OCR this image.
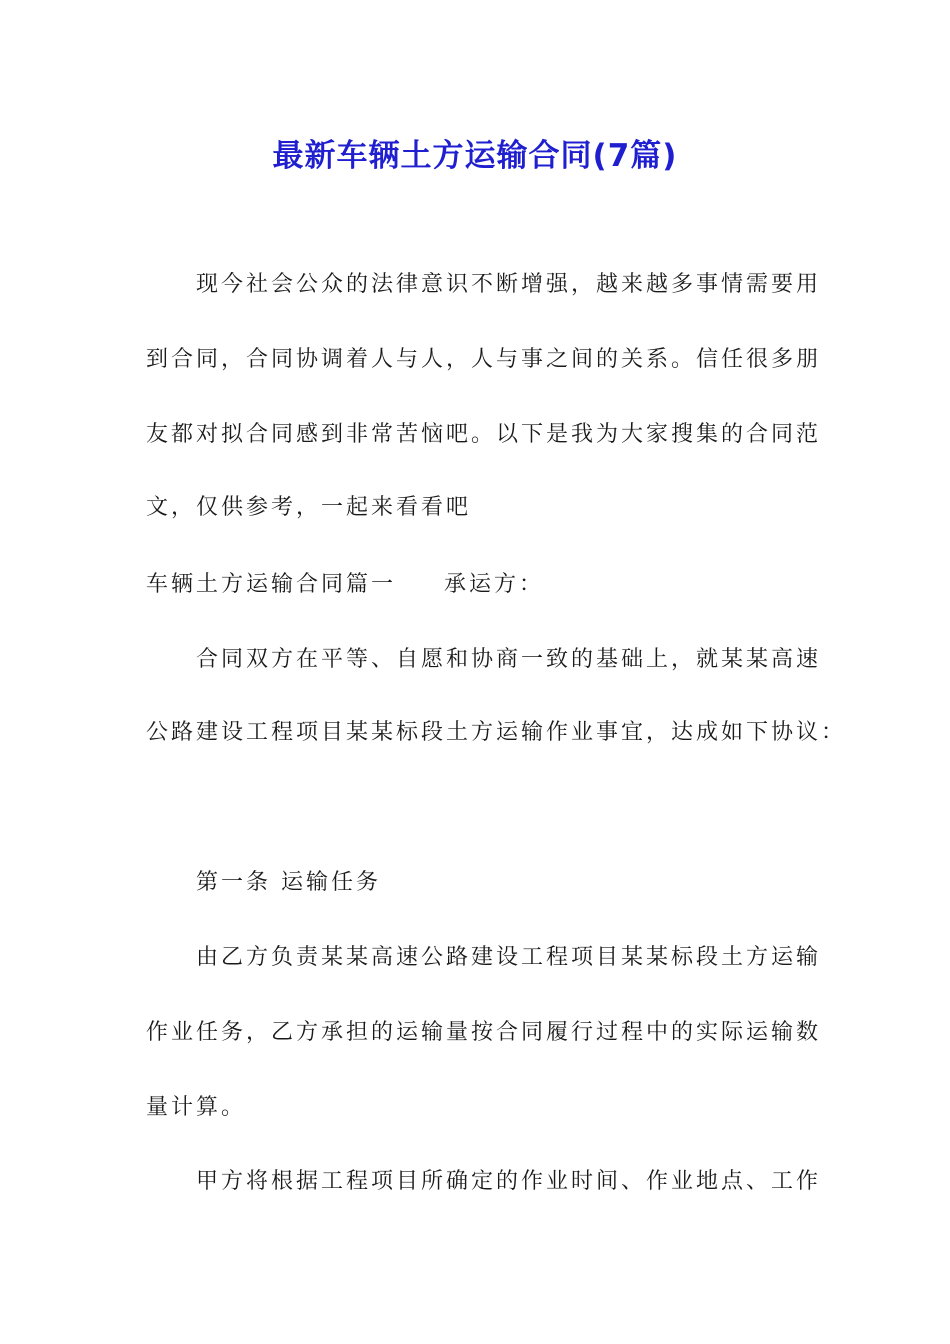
最新车辆土方运输合同(7篇)
现今社会公众的法律意识不断增强，越来越多事情需要用
到合同，合同协调着人与人，人与事之间的关系。信任很多朋
友都对拟合同感到非常苦恼吧。以下是我为大家搜集的合同范
文，仅供参考，一起来看看吧
车辆土方运输合同篇一 承运方：
合同双方在平等、自愿和协商一致的基础上，就某某高速
公路建设工程项目某某标段土方运输作业事宜，达成如下协议：
第一条 运输任务
由乙方负责某某高速公路建设工程项目某某标段土方运输
作业任务，乙方承担的运输量按合同履行过程中的实际运输数
量计算。
甲方将根据工程项目所确定的作业时间、作业地点、工作
